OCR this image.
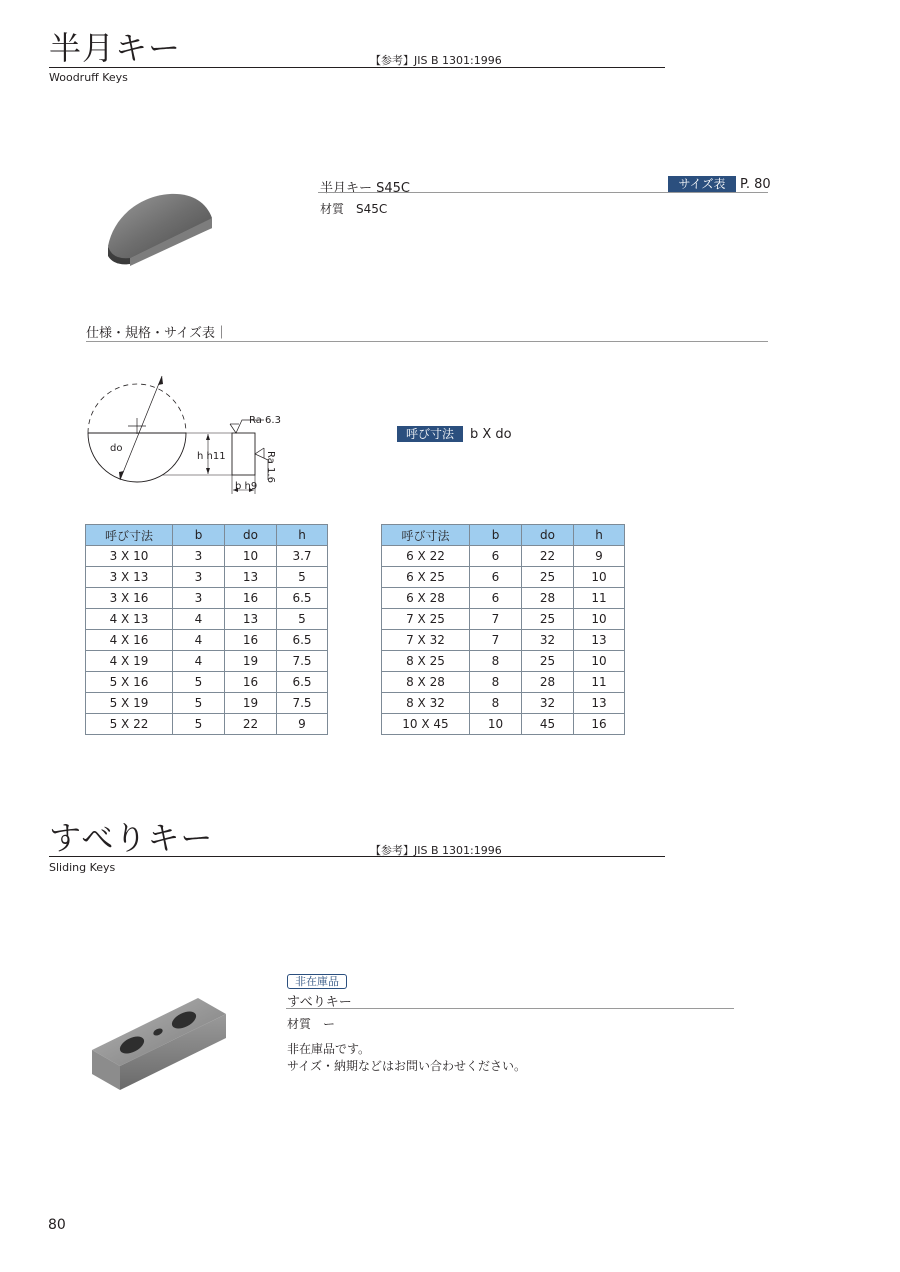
半月キー	【参考】JIS B 1301:1996
Woodruff Keys
半月キー S45C	サイズ表	P. 80
材質　S45C
仕様・規格・サイズ表｜
do
h h11
b h9
Ra 6.3
Ra 1.6
呼び寸法	b X do
呼び寸法	b	do	h
3 X 10	3	10	3.7
3 X 13	3	13	5
3 X 16	3	16	6.5
4 X 13	4	13	5
4 X 16	4	16	6.5
4 X 19	4	19	7.5
5 X 16	5	16	6.5
5 X 19	5	19	7.5
5 X 22	5	22	9
呼び寸法	b	do	h
6 X 22	6	22	9
6 X 25	6	25	10
6 X 28	6	28	11
7 X 25	7	25	10
7 X 32	7	32	13
8 X 25	8	25	10
8 X 28	8	28	11
8 X 32	8	32	13
10 X 45	10	45	16
すべりキー	【参考】JIS B 1301:1996
Sliding Keys
非在庫品
すべりキー
材質　ー
非在庫品です。
サイズ・納期などはお問い合わせください。
80
